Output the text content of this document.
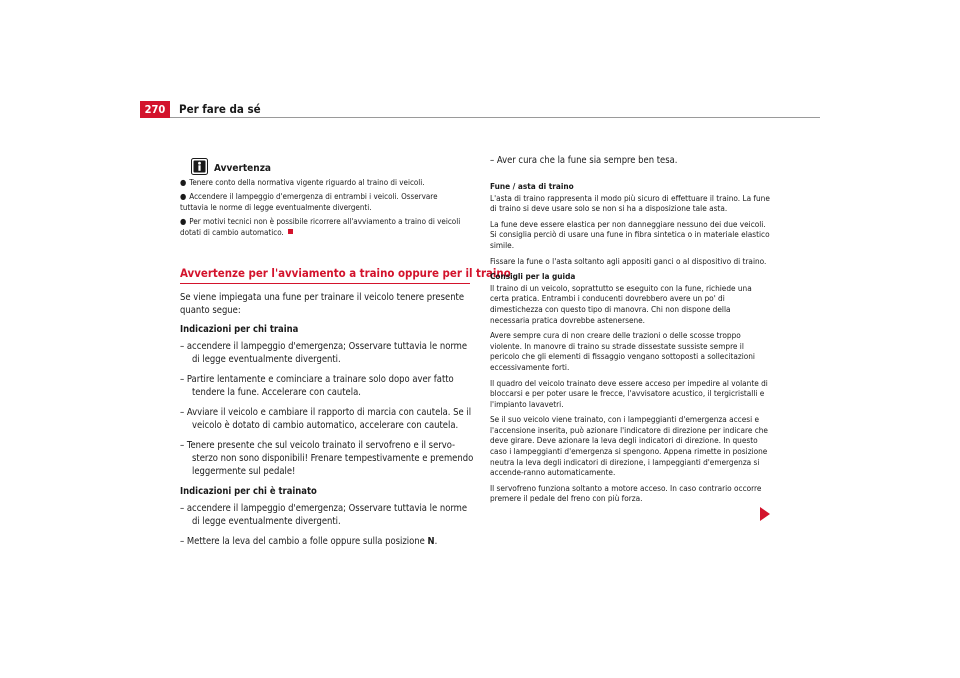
270	Per fare da sé
Avvertenza

● Tenere conto della normativa vigente riguardo al traino di veicoli.

● Accendere il lampeggio d'emergenza di entrambi i veicoli. Osservare tuttavia le norme di legge eventualmente divergenti.

● Per motivi tecnici non è possibile ricorrere all'avviamento a traino di veicoli dotati di cambio automatico.

Avvertenze per l'avviamento a traino oppure per il traino

Se viene impiegata una fune per trainare il veicolo tenere presente quanto segue:

Indicazioni per chi traina

– accendere il lampeggio d'emergenza; Osservare tuttavia le norme di legge eventualmente divergenti.

– Partire lentamente e cominciare a trainare solo dopo aver fatto tendere la fune. Accelerare con cautela.

– Avviare il veicolo e cambiare il rapporto di marcia con cautela. Se il veicolo è dotato di cambio automatico, accelerare con cautela.

– Tenere presente che sul veicolo trainato il servofreno e il servo-sterzo non sono disponibili! Frenare tempestivamente e premendo leggermente sul pedale!

Indicazioni per chi è trainato

– accendere il lampeggio d'emergenza; Osservare tuttavia le norme di legge eventualmente divergenti.

– Mettere la leva del cambio a folle oppure sulla posizione N.

– Aver cura che la fune sia sempre ben tesa.

Fune / asta di traino

L'asta di traino rappresenta il modo più sicuro di effettuare il traino. La fune di traino si deve usare solo se non si ha a disposizione tale asta.

La fune deve essere elastica per non danneggiare nessuno dei due veicoli. Si consiglia perciò di usare una fune in fibra sintetica o in materiale elastico simile.

Fissare la fune o l'asta soltanto agli appositi ganci o al dispositivo di traino.

Consigli per la guida

Il traino di un veicolo, soprattutto se eseguito con la fune, richiede una certa pratica. Entrambi i conducenti dovrebbero avere un po' di dimestichezza con questo tipo di manovra. Chi non dispone della necessaria pratica dovrebbe astenersene.

Avere sempre cura di non creare delle trazioni o delle scosse troppo violente. In manovre di traino su strade dissestate sussiste sempre il pericolo che gli elementi di fissaggio vengano sottoposti a sollecitazioni eccessivamente forti.

Il quadro del veicolo trainato deve essere acceso per impedire al volante di bloccarsi e per poter usare le frecce, l'avvisatore acustico, il tergicristalli e l'impianto lavavetri.

Se il suo veicolo viene trainato, con i lampeggianti d'emergenza accesi e l'accensione inserita, può azionare l'indicatore di direzione per indicare che deve girare. Deve azionare la leva degli indicatori di direzione. In questo caso i lampeggianti d'emergenza si spengono. Appena rimette in posizione neutra la leva degli indicatori di direzione, i lampeggianti d'emergenza si accende-ranno automaticamente.

Il servofreno funziona soltanto a motore acceso. In caso contrario occorre premere il pedale del freno con più forza.
